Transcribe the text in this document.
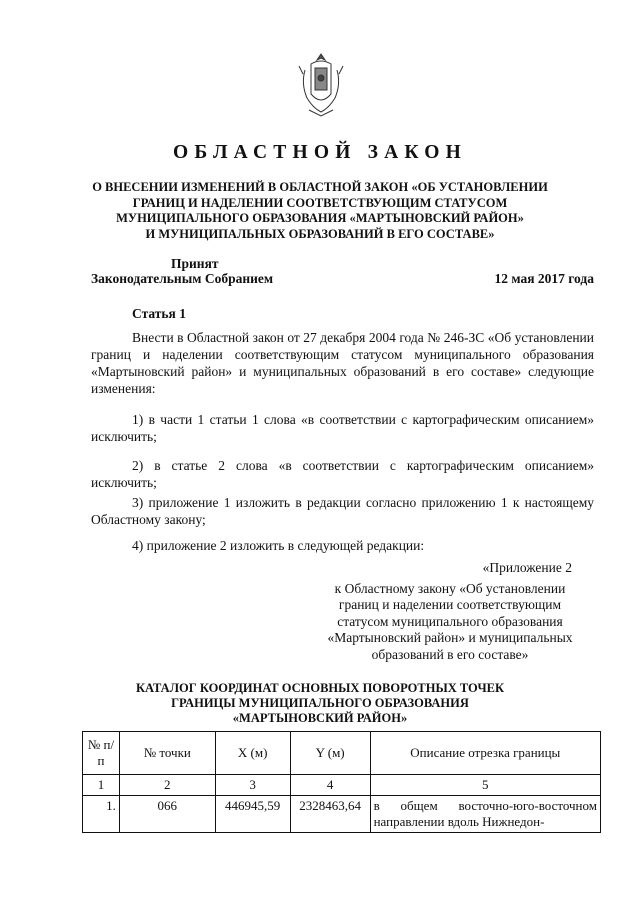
ОБЛАСТНОЙ ЗАКОН
О ВНЕСЕНИИ ИЗМЕНЕНИЙ В ОБЛАСТНОЙ ЗАКОН «ОБ УСТАНОВЛЕНИИ
ГРАНИЦ И НАДЕЛЕНИИ СООТВЕТСТВУЮЩИМ СТАТУСОМ
МУНИЦИПАЛЬНОГО ОБРАЗОВАНИЯ «МАРТЫНОВСКИЙ РАЙОН»
И МУНИЦИПАЛЬНЫХ ОБРАЗОВАНИЙ В ЕГО СОСТАВЕ»
Принят
Законодательным Собранием	12 мая 2017 года
Статья 1
Внести в Областной закон от 27 декабря 2004 года № 246-ЗС «Об установлении границ и наделении соответствующим статусом муниципального образования «Мартыновский район» и муниципальных образований в его составе» следующие изменения:
1) в части 1 статьи 1 слова «в соответствии с картографическим описанием» исключить;
2) в статье 2 слова «в соответствии с картографическим описанием» исключить;
3) приложение 1 изложить в редакции согласно приложению 1 к настоящему Областному закону;
4) приложение 2 изложить в следующей редакции:
«Приложение 2
к Областному закону «Об установлении
границ и наделении соответствующим
статусом муниципального образования
«Мартыновский район» и муниципальных
образований в его составе»
КАТАЛОГ КООРДИНАТ ОСНОВНЫХ ПОВОРОТНЫХ ТОЧЕК
ГРАНИЦЫ МУНИЦИПАЛЬНОГО ОБРАЗОВАНИЯ
«МАРТЫНОВСКИЙ РАЙОН»
№ п/п	№ точки	X (м)	Y (м)	Описание отрезка границы
1	2	3	4	5
1.	066	446945,59	2328463,64	в общем восточно-юго-восточном направлении вдоль Нижнедон-
